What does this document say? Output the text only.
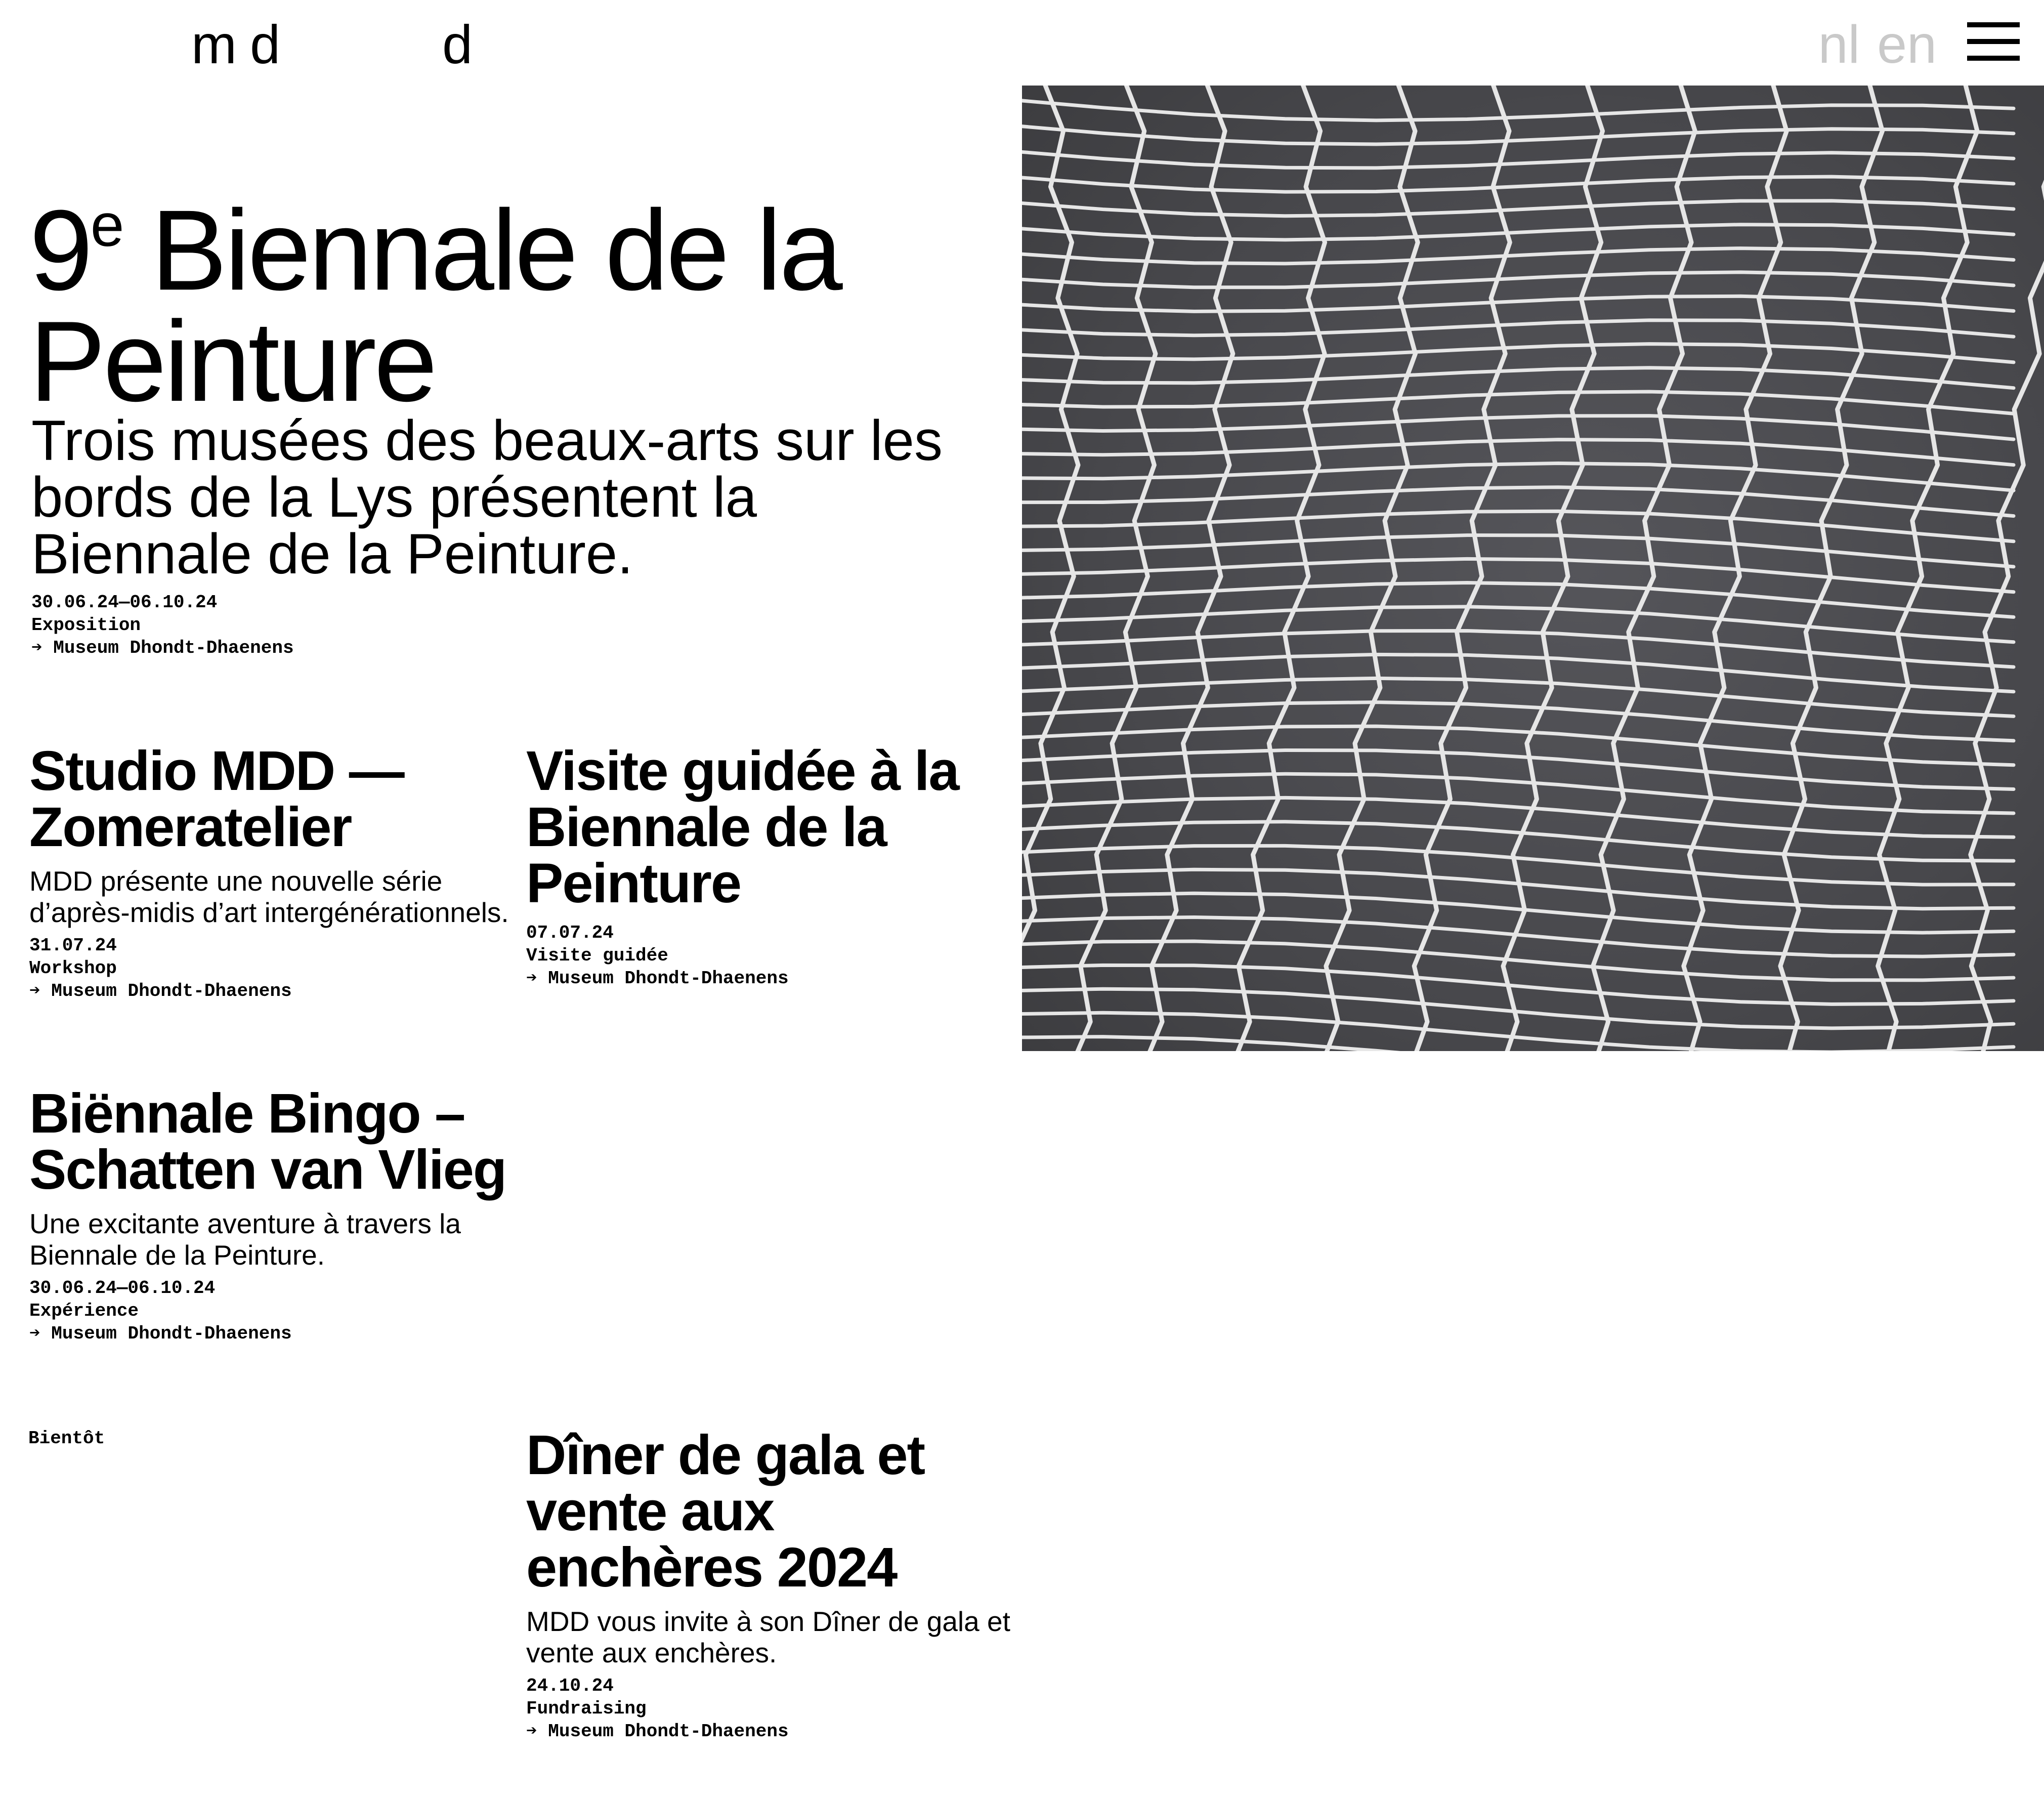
m d	d	nl en
9e Biennale de la Peinture

Trois musées des beaux-arts sur les bords de la Lys présentent la Biennale de la Peinture.

30.06.24—06.10.24
Exposition
➔ Museum Dhondt-Dhaenens
Studio MDD — Zomeratelier

MDD présente une nouvelle série d’après-midis d’art intergénérationnels.

31.07.24
Workshop
➔ Museum Dhondt-Dhaenens
Visite guidée à la Biennale de la Peinture
07.07.24
Visite guidée
➔ Museum Dhondt-Dhaenens
Biënnale Bingo – Schatten van Vlieg

Une excitante aventure à travers la Biennale de la Peinture.

30.06.24—06.10.24
Expérience
➔ Museum Dhondt-Dhaenens
Bientôt	Dîner de gala et vente aux enchères 2024

MDD vous invite à son Dîner de gala et vente aux enchères.

24.10.24
Fundraising
➔ Museum Dhondt-Dhaenens
